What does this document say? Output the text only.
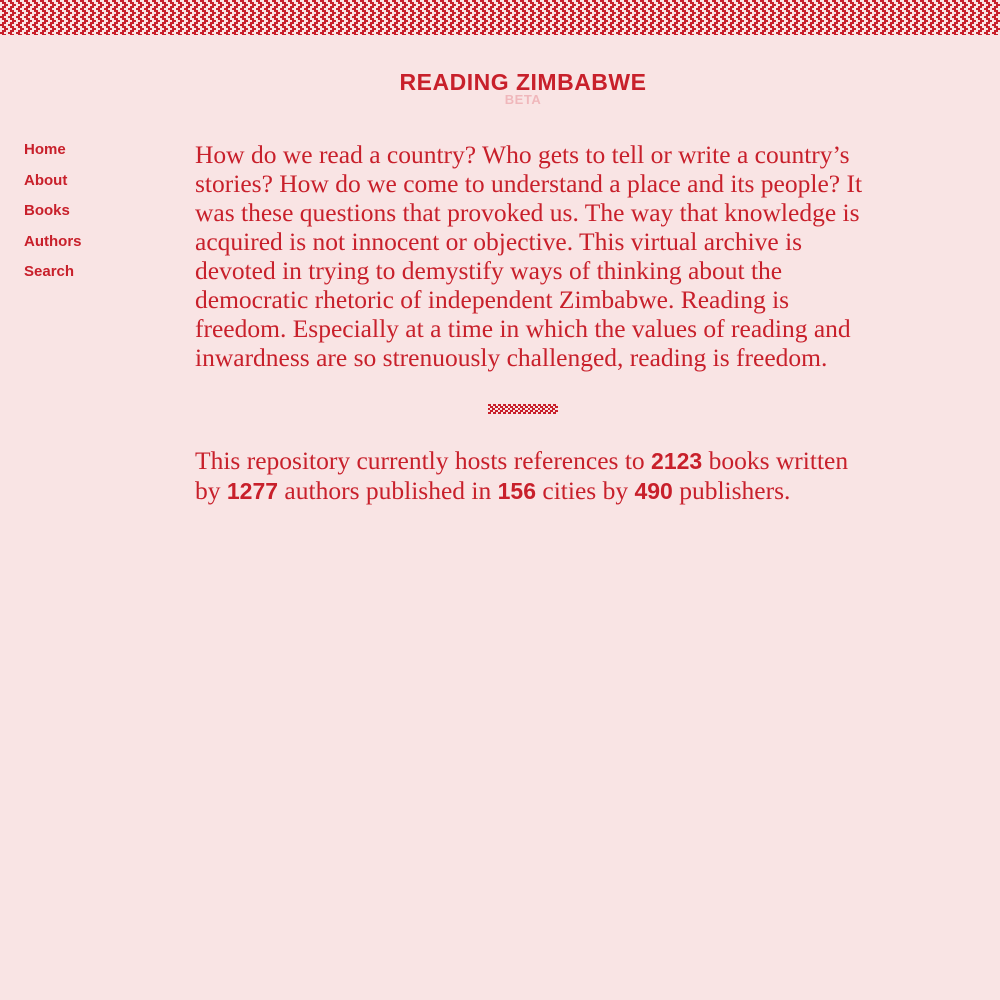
READING ZIMBABWE
BETA
Home
About
Books
Authors
Search

How do we read a country? Who gets to tell or write a country’s stories? How do we come to understand a place and its people? It was these questions that provoked us. The way that knowledge is acquired is not innocent or objective. This virtual archive is devoted in trying to demystify ways of thinking about the democratic rhetoric of independent Zimbabwe. Reading is freedom. Especially at a time in which the values of reading and inwardness are so strenuously challenged, reading is freedom.

This repository currently hosts references to 2123 books written by 1277 authors published in 156 cities by 490 publishers.
